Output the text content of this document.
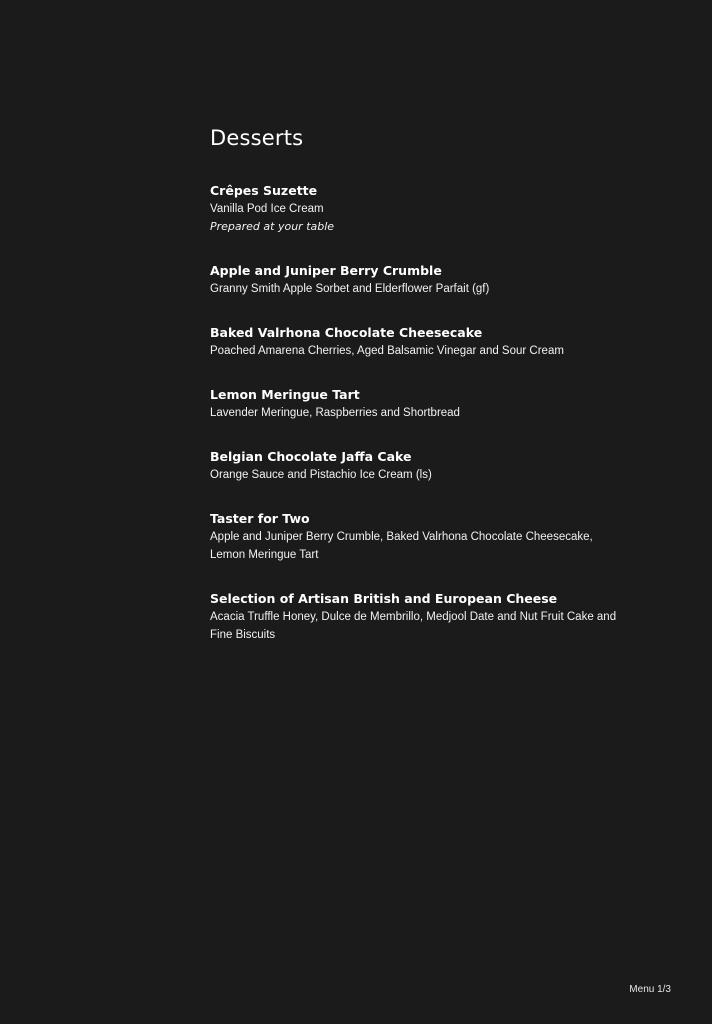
Desserts

Crêpes Suzette

Vanilla Pod Ice Cream

Prepared at your table

Apple and Juniper Berry Crumble

Granny Smith Apple Sorbet and Elderflower Parfait (gf)

Baked Valrhona Chocolate Cheesecake

Poached Amarena Cherries, Aged Balsamic Vinegar and Sour Cream

Lemon Meringue Tart

Lavender Meringue, Raspberries and Shortbread

Belgian Chocolate Jaffa Cake

Orange Sauce and Pistachio Ice Cream (ls)

Taster for Two

Apple and Juniper Berry Crumble, Baked Valrhona Chocolate Cheesecake, Lemon Meringue Tart

Selection of Artisan British and European Cheese

Acacia Truffle Honey, Dulce de Membrillo, Medjool Date and Nut Fruit Cake and Fine Biscuits

Menu 1/3
